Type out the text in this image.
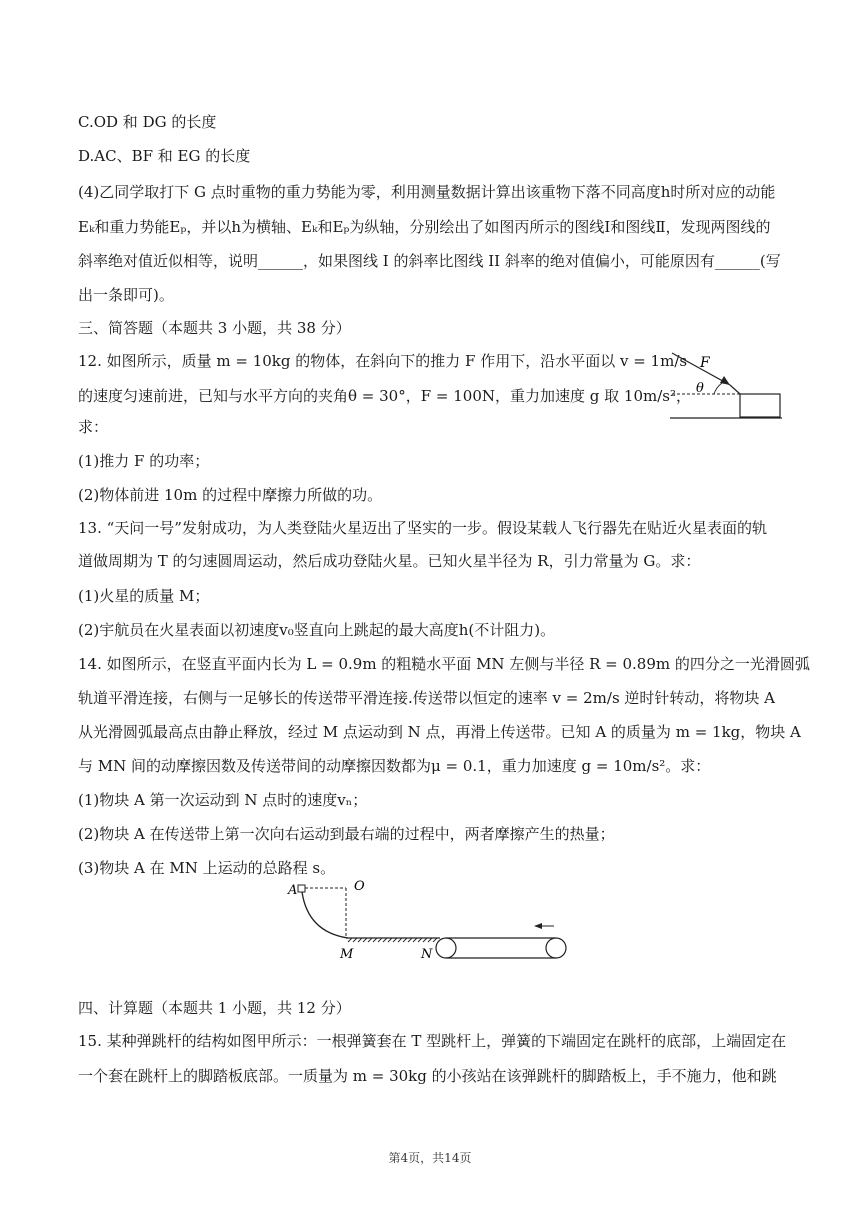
C.OD 和 DG 的长度
D.AC、BF 和 EG 的长度
(4)乙同学取打下 G 点时重物的重力势能为零，利用测量数据计算出该重物下落不同高度h时所对应的动能
Eₖ和重力势能Eₚ，并以h为横轴、Eₖ和Eₚ为纵轴，分别绘出了如图丙所示的图线Ⅰ和图线Ⅱ，发现两图线的
斜率绝对值近似相等，说明______，如果图线 I 的斜率比图线 II 斜率的绝对值偏小，可能原因有______(写
出一条即可)。
三、简答题（本题共 3 小题，共 38 分）
12. 如图所示，质量 m = 10kg 的物体，在斜向下的推力 F 作用下，沿水平面以 v = 1m/s
的速度匀速前进，已知与水平方向的夹角θ = 30°，F = 100N，重力加速度 g 取 10m/s²，
求：
(1)推力 F 的功率；
(2)物体前进 10m 的过程中摩擦力所做的功。
13. “天问一号”发射成功，为人类登陆火星迈出了坚实的一步。假设某载人飞行器先在贴近火星表面的轨
道做周期为 T 的匀速圆周运动，然后成功登陆火星。已知火星半径为 R，引力常量为 G。求：
(1)火星的质量 M；
(2)宇航员在火星表面以初速度v₀竖直向上跳起的最大高度h(不计阻力)。
14. 如图所示，在竖直平面内长为 L = 0.9m 的粗糙水平面 MN 左侧与半径 R = 0.89m 的四分之一光滑圆弧
轨道平滑连接，右侧与一足够长的传送带平滑连接.传送带以恒定的速率 v = 2m/s 逆时针转动，将物块 A
从光滑圆弧最高点由静止释放，经过 M 点运动到 N 点，再滑上传送带。已知 A 的质量为 m = 1kg，物块 A
与 MN 间的动摩擦因数及传送带间的动摩擦因数都为μ = 0.1，重力加速度 g = 10m/s²。求：
(1)物块 A 第一次运动到 N 点时的速度vₙ；
(2)物块 A 在传送带上第一次向右运动到最右端的过程中，两者摩擦产生的热量；
(3)物块 A 在 MN 上运动的总路程 s。
四、计算题（本题共 1 小题，共 12 分）
15. 某种弹跳杆的结构如图甲所示：一根弹簧套在 T 型跳杆上，弹簧的下端固定在跳杆的底部，上端固定在
一个套在跳杆上的脚踏板底部。一质量为 m = 30kg 的小孩站在该弹跳杆的脚踏板上，手不施力，他和跳
F
θ
A	O
M	N
第4页，共14页
